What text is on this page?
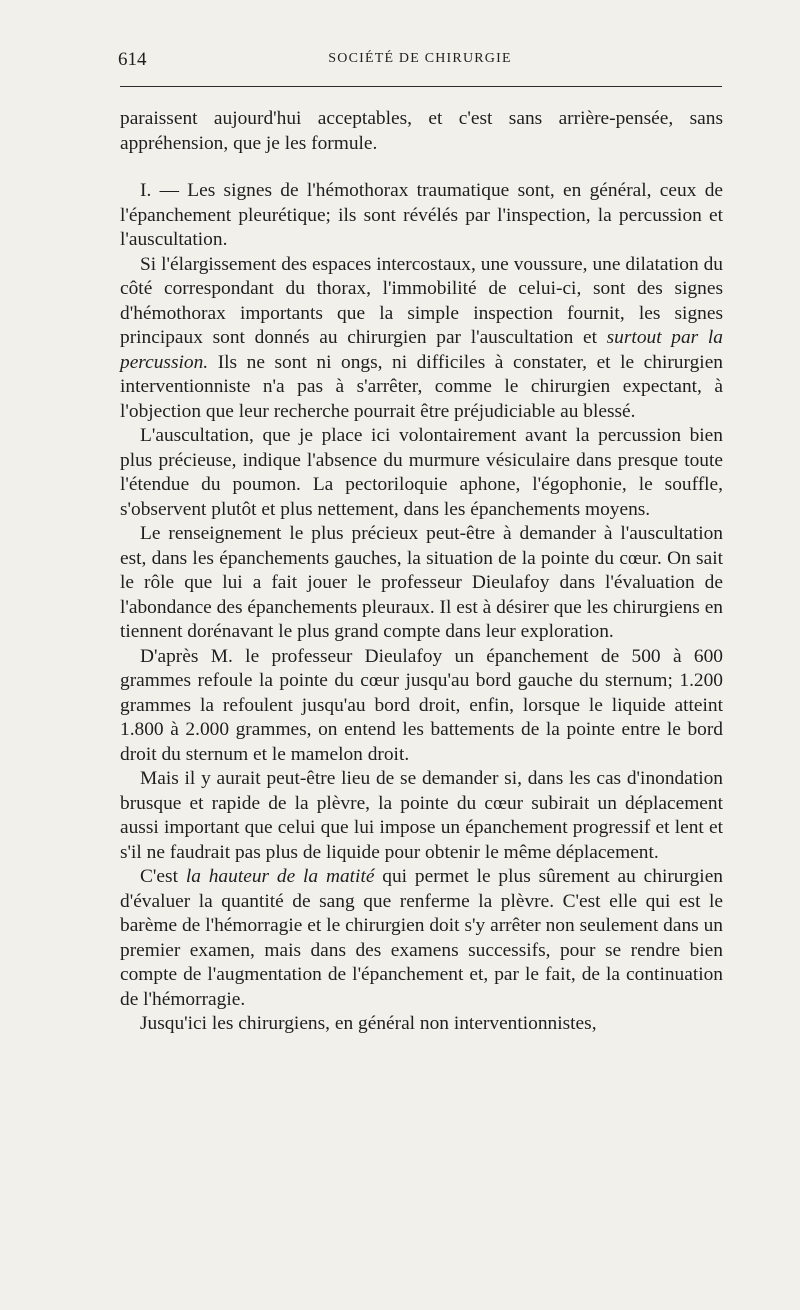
614	SOCIÉTÉ DE CHIRURGIE

paraissent aujourd'hui acceptables, et c'est sans arrière-pensée, sans appréhension, que je les formule.

I. — Les signes de l'hémothorax traumatique sont, en général, ceux de l'épanchement pleurétique; ils sont révélés par l'inspection, la percussion et l'auscultation.

Si l'élargissement des espaces intercostaux, une voussure, une dilatation du côté correspondant du thorax, l'immobilité de celui-ci, sont des signes d'hémothorax importants que la simple inspection fournit, les signes principaux sont donnés au chirurgien par l'auscultation et surtout par la percussion. Ils ne sont ni ongs, ni difficiles à constater, et le chirurgien interventionniste n'a pas à s'arrêter, comme le chirurgien expectant, à l'objection que leur recherche pourrait être préjudiciable au blessé.

L'auscultation, que je place ici volontairement avant la percussion bien plus précieuse, indique l'absence du murmure vésiculaire dans presque toute l'étendue du poumon. La pectoriloquie aphone, l'égophonie, le souffle, s'observent plutôt et plus nettement, dans les épanchements moyens.

Le renseignement le plus précieux peut-être à demander à l'auscultation est, dans les épanchements gauches, la situation de la pointe du cœur. On sait le rôle que lui a fait jouer le professeur Dieulafoy dans l'évaluation de l'abondance des épanchements pleuraux. Il est à désirer que les chirurgiens en tiennent dorénavant le plus grand compte dans leur exploration.

D'après M. le professeur Dieulafoy un épanchement de 500 à 600 grammes refoule la pointe du cœur jusqu'au bord gauche du sternum; 1.200 grammes la refoulent jusqu'au bord droit, enfin, lorsque le liquide atteint 1.800 à 2.000 grammes, on entend les battements de la pointe entre le bord droit du sternum et le mamelon droit.

Mais il y aurait peut-être lieu de se demander si, dans les cas d'inondation brusque et rapide de la plèvre, la pointe du cœur subirait un déplacement aussi important que celui que lui impose un épanchement progressif et lent et s'il ne faudrait pas plus de liquide pour obtenir le même déplacement.

C'est la hauteur de la matité qui permet le plus sûrement au chirurgien d'évaluer la quantité de sang que renferme la plèvre. C'est elle qui est le barème de l'hémorragie et le chirurgien doit s'y arrêter non seulement dans un premier examen, mais dans des examens successifs, pour se rendre bien compte de l'augmentation de l'épanchement et, par le fait, de la continuation de l'hémorragie.

Jusqu'ici les chirurgiens, en général non interventionnistes,
